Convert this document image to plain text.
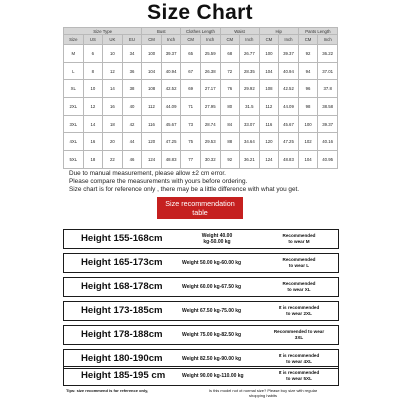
Size Chart
Size Type				Bust		Clothes Length		Waist		Hip		Pants Length	
Size	US	UK	EU	CM	Inch	CM	Inch	CM	Inch	CM	Inch	CM	Inch
M	6	10	34	100	39.37	65	25.59	68	26.77	100	39.37	92	36.22
L	8	12	36	104	40.94	67	26.38	72	28.35	104	40.94	94	37.01
XL	10	14	38	108	42.52	69	27.17	76	29.92	108	42.52	96	37.8
2XL	12	16	40	112	44.09	71	27.95	80	31.5	112	44.09	98	38.58
3XL	14	18	42	116	45.67	73	28.74	84	33.07	116	45.67	100	39.37
4XL	16	20	44	120	47.25	75	29.53	88	34.64	120	47.25	102	40.16
5XL	18	22	46	124	48.83	77	30.32	92	36.21	124	48.83	104	40.95
Due to manual measurement, please allow ±2 cm error.
Please compare the measurements with yours before ordering.
Size chart is for reference only , there may be a little difference with what you get.
Size recommendation
table
Height 155-168cm	Weight 40.00
kg-50.00 kg
Recommended
to wear M
Height 165-173cm	Weight 50.00 kg-60.00 kg
Recommended
to wear L
Height 168-178cm	Weight 60.00 kg-67.50 kg
Recommended
to wear XL
Height 173-185cm	Weight 67.50 kg-75.00 kg
It is recommended
to wear 2XL
Height 178-188cm	Weight 75.00 kg-82.50 kg
Recommended to wear
3XL
Height 180-190cm	Weight 82.50 kg-90.00 kg
It is recommended
to wear 4XL
Height 185-195 cm	Weight 90.00 kg-110.00 kg
It is recommended
to wear 5XL
Tips: size recommend is for reference only,	Is this model not ot normal size? Please buy size with regular
shopping habits
